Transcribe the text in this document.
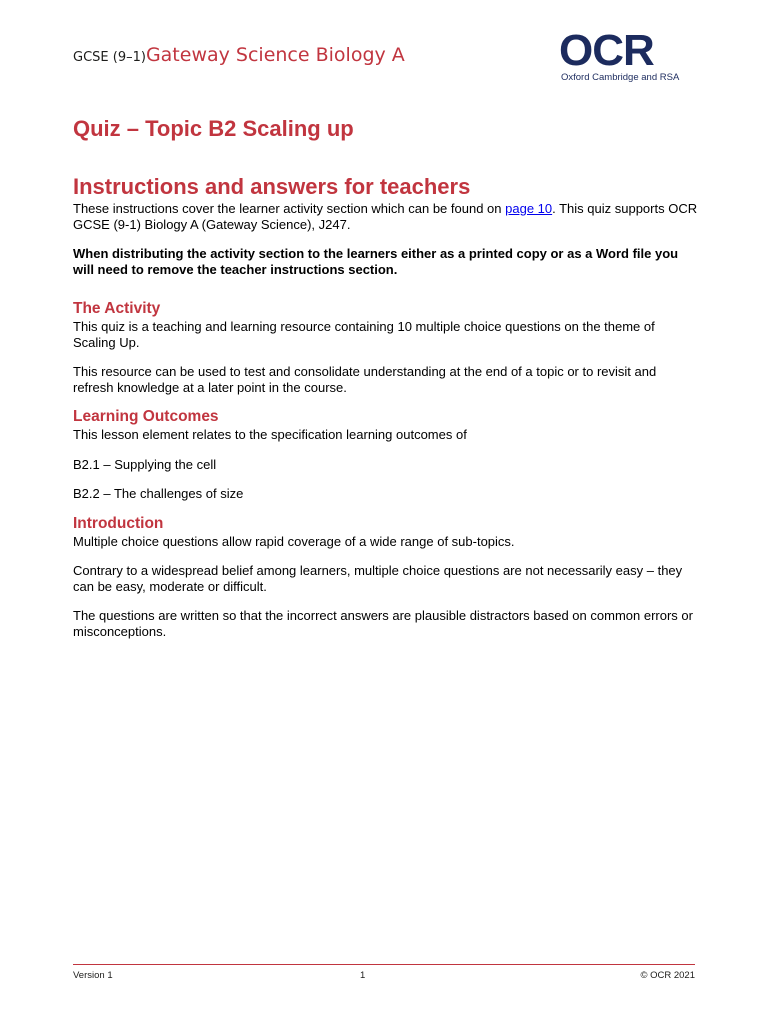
GCSE (9–1)Gateway Science Biology A	OCR
Oxford Cambridge and RSA
Quiz – Topic B2 Scaling up
Instructions and answers for teachers

These instructions cover the learner activity section which can be found on page 10. This quiz supports OCR GCSE (9-1) Biology A (Gateway Science), J247.

When distributing the activity section to the learners either as a printed copy or as a Word file you will need to remove the teacher instructions section.

The Activity

This quiz is a teaching and learning resource containing 10 multiple choice questions on the theme of Scaling Up.

This resource can be used to test and consolidate understanding at the end of a topic or to revisit and refresh knowledge at a later point in the course.

Learning Outcomes

This lesson element relates to the specification learning outcomes of

B2.1 – Supplying the cell

B2.2 – The challenges of size

Introduction

Multiple choice questions allow rapid coverage of a wide range of sub-topics.

Contrary to a widespread belief among learners, multiple choice questions are not necessarily easy – they can be easy, moderate or difficult.

The questions are written so that the incorrect answers are plausible distractors based on common errors or misconceptions.

Version 1	1	© OCR 2021
